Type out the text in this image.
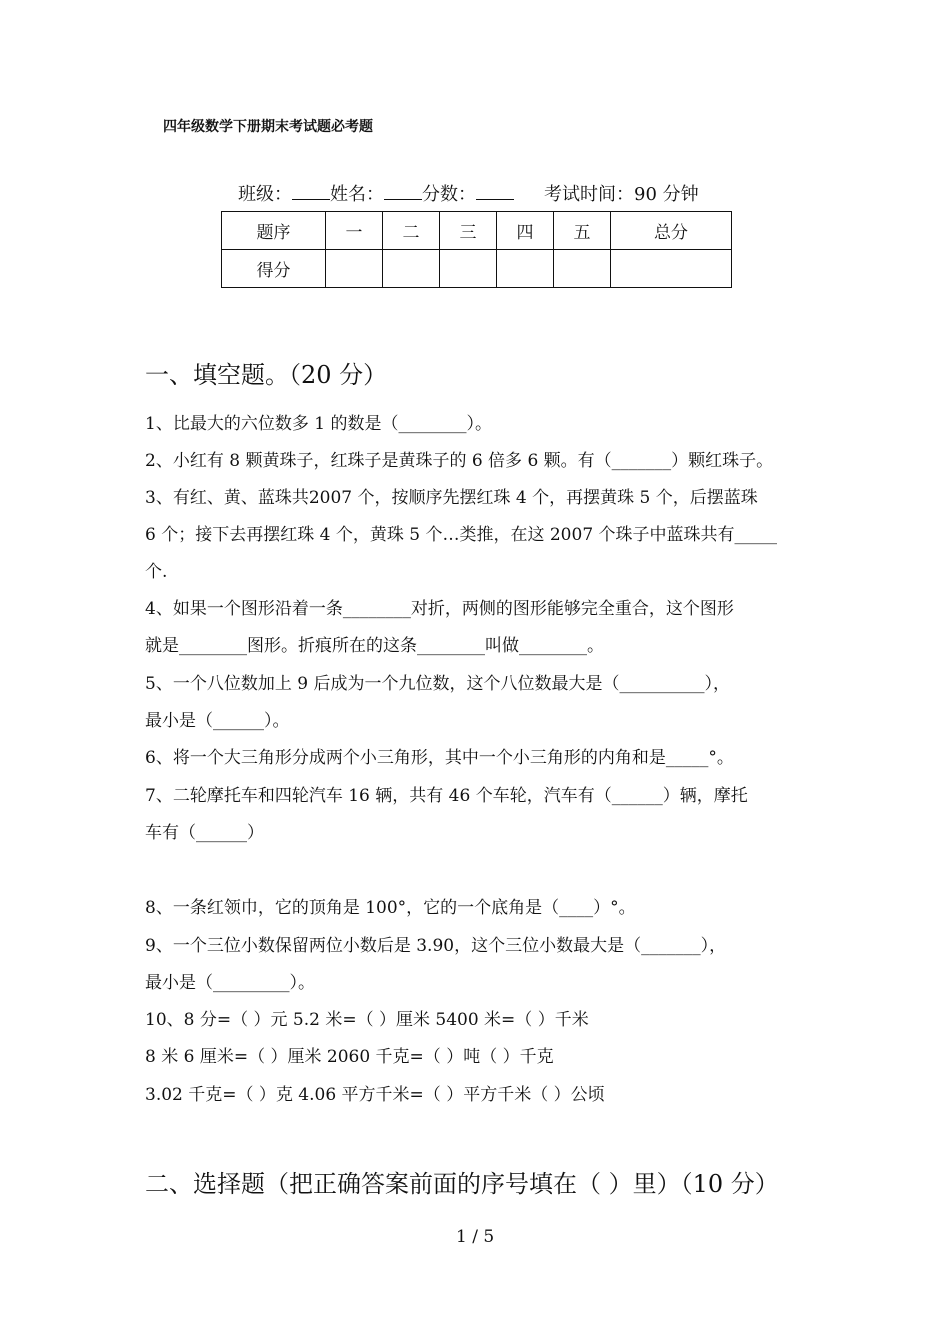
四年级数学下册期末考试题必考题
班级： 姓名： 分数：	考试时间：90 分钟
题序	一	二	三	四	五	总分
得分						
一、填空题。（20 分）
1、比最大的六位数多 1 的数是（________）。
2、小红有 8 颗黄珠子，红珠子是黄珠子的 6 倍多 6 颗。有（_______）颗红珠子。
3、有红、黄、蓝珠共2007 个，按顺序先摆红珠 4 个，再摆黄珠 5 个，后摆蓝珠
6 个；接下去再摆红珠 4 个，黄珠 5 个…类推，在这 2007 个珠子中蓝珠共有_____
个.
4、如果一个图形沿着一条________对折，两侧的图形能够完全重合，这个图形
就是________图形。折痕所在的这条________叫做________。
5、一个八位数加上 9 后成为一个九位数，这个八位数最大是（__________），
最小是（______）。
6、将一个大三角形分成两个小三角形，其中一个小三角形的内角和是_____°。
7、二轮摩托车和四轮汽车 16 辆，共有 46 个车轮，汽车有（______）辆，摩托
车有（______）
8、一条红领巾，它的顶角是 100°，它的一个底角是（____）°。
9、一个三位小数保留两位小数后是 3.90，这个三位小数最大是（_______），
最小是（_________）。
10、8 分=（ ）元 5.2 米=（ ）厘米 5400 米=（ ）千米
8 米 6 厘米=（ ）厘米 2060 千克=（ ）吨（ ）千克
3.02 千克=（ ）克 4.06 平方千米=（ ）平方千米（ ）公顷
二、选择题（把正确答案前面的序号填在（ ）里）（10 分）
1 / 5
